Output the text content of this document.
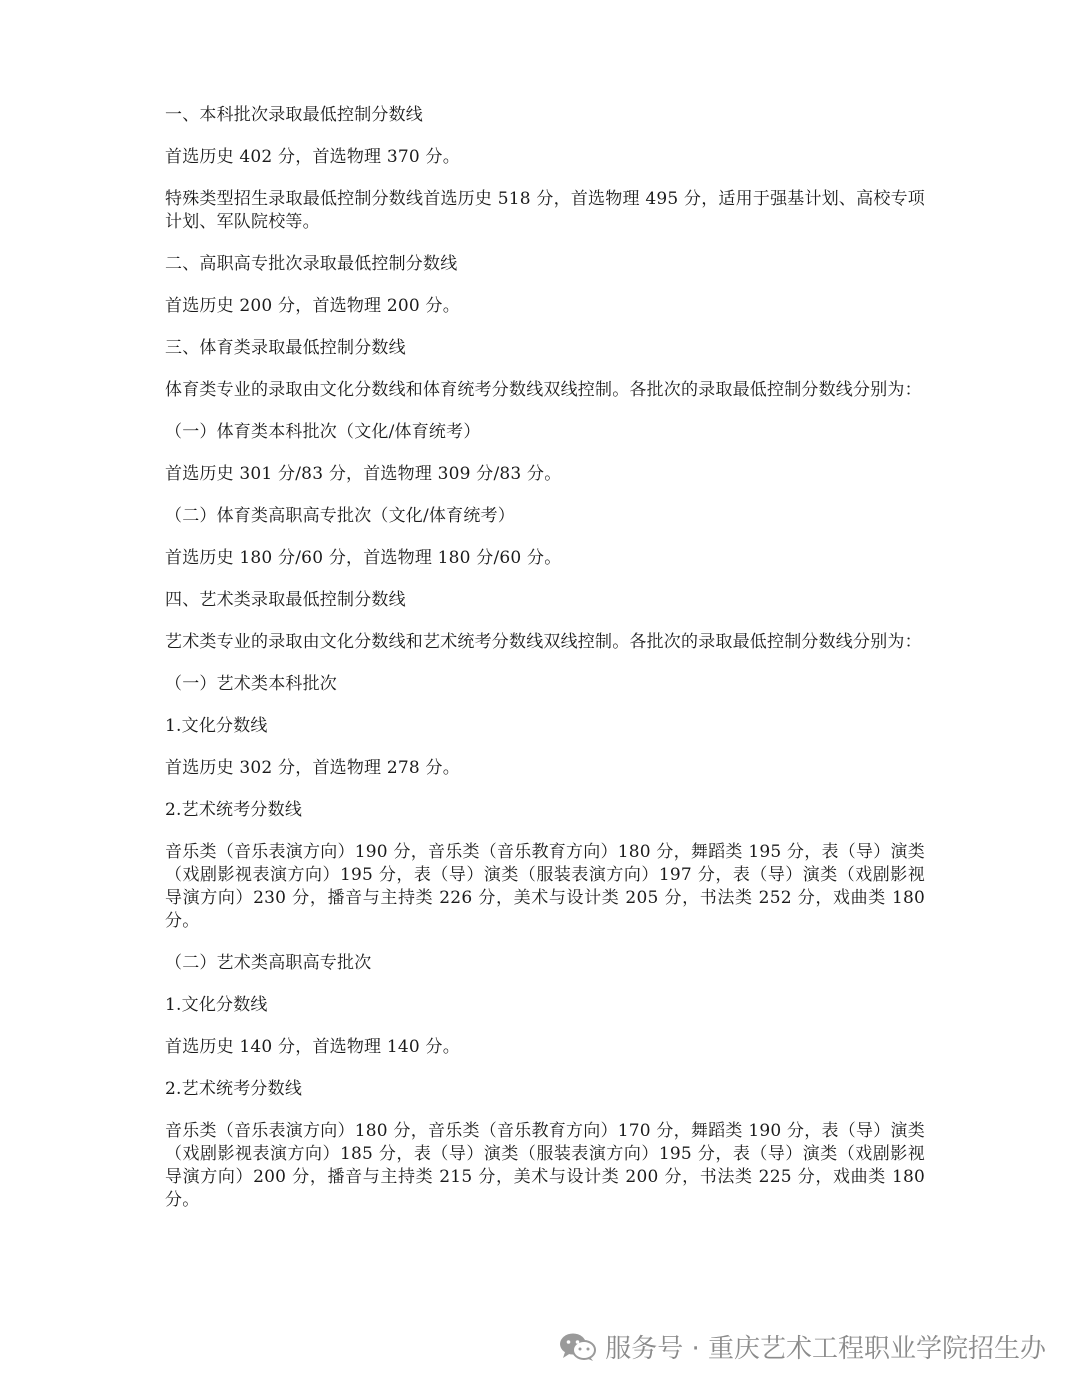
一、本科批次录取最低控制分数线

首选历史 402 分，首选物理 370 分。

特殊类型招生录取最低控制分数线首选历史 518 分，首选物理 495 分，适用于强基计划、高校专项计划、军队院校等。

二、高职高专批次录取最低控制分数线

首选历史 200 分，首选物理 200 分。

三、体育类录取最低控制分数线

体育类专业的录取由文化分数线和体育统考分数线双线控制。各批次的录取最低控制分数线分别为：

（一）体育类本科批次（文化/体育统考）

首选历史 301 分/83 分，首选物理 309 分/83 分。

（二）体育类高职高专批次（文化/体育统考）

首选历史 180 分/60 分，首选物理 180 分/60 分。

四、艺术类录取最低控制分数线

艺术类专业的录取由文化分数线和艺术统考分数线双线控制。各批次的录取最低控制分数线分别为：

（一）艺术类本科批次

1.文化分数线

首选历史 302 分，首选物理 278 分。

2.艺术统考分数线

音乐类（音乐表演方向）190 分，音乐类（音乐教育方向）180 分，舞蹈类 195 分，表（导）演类（戏剧影视表演方向）195 分，表（导）演类（服装表演方向）197 分，表（导）演类（戏剧影视导演方向）230 分，播音与主持类 226 分，美术与设计类 205 分，书法类 252 分，戏曲类 180 分。

（二）艺术类高职高专批次

1.文化分数线

首选历史 140 分，首选物理 140 分。

2.艺术统考分数线

音乐类（音乐表演方向）180 分，音乐类（音乐教育方向）170 分，舞蹈类 190 分，表（导）演类（戏剧影视表演方向）185 分，表（导）演类（服装表演方向）195 分，表（导）演类（戏剧影视导演方向）200 分，播音与主持类 215 分，美术与设计类 200 分，书法类 225 分，戏曲类 180 分。

服务号 · 重庆艺术工程职业学院招生办
